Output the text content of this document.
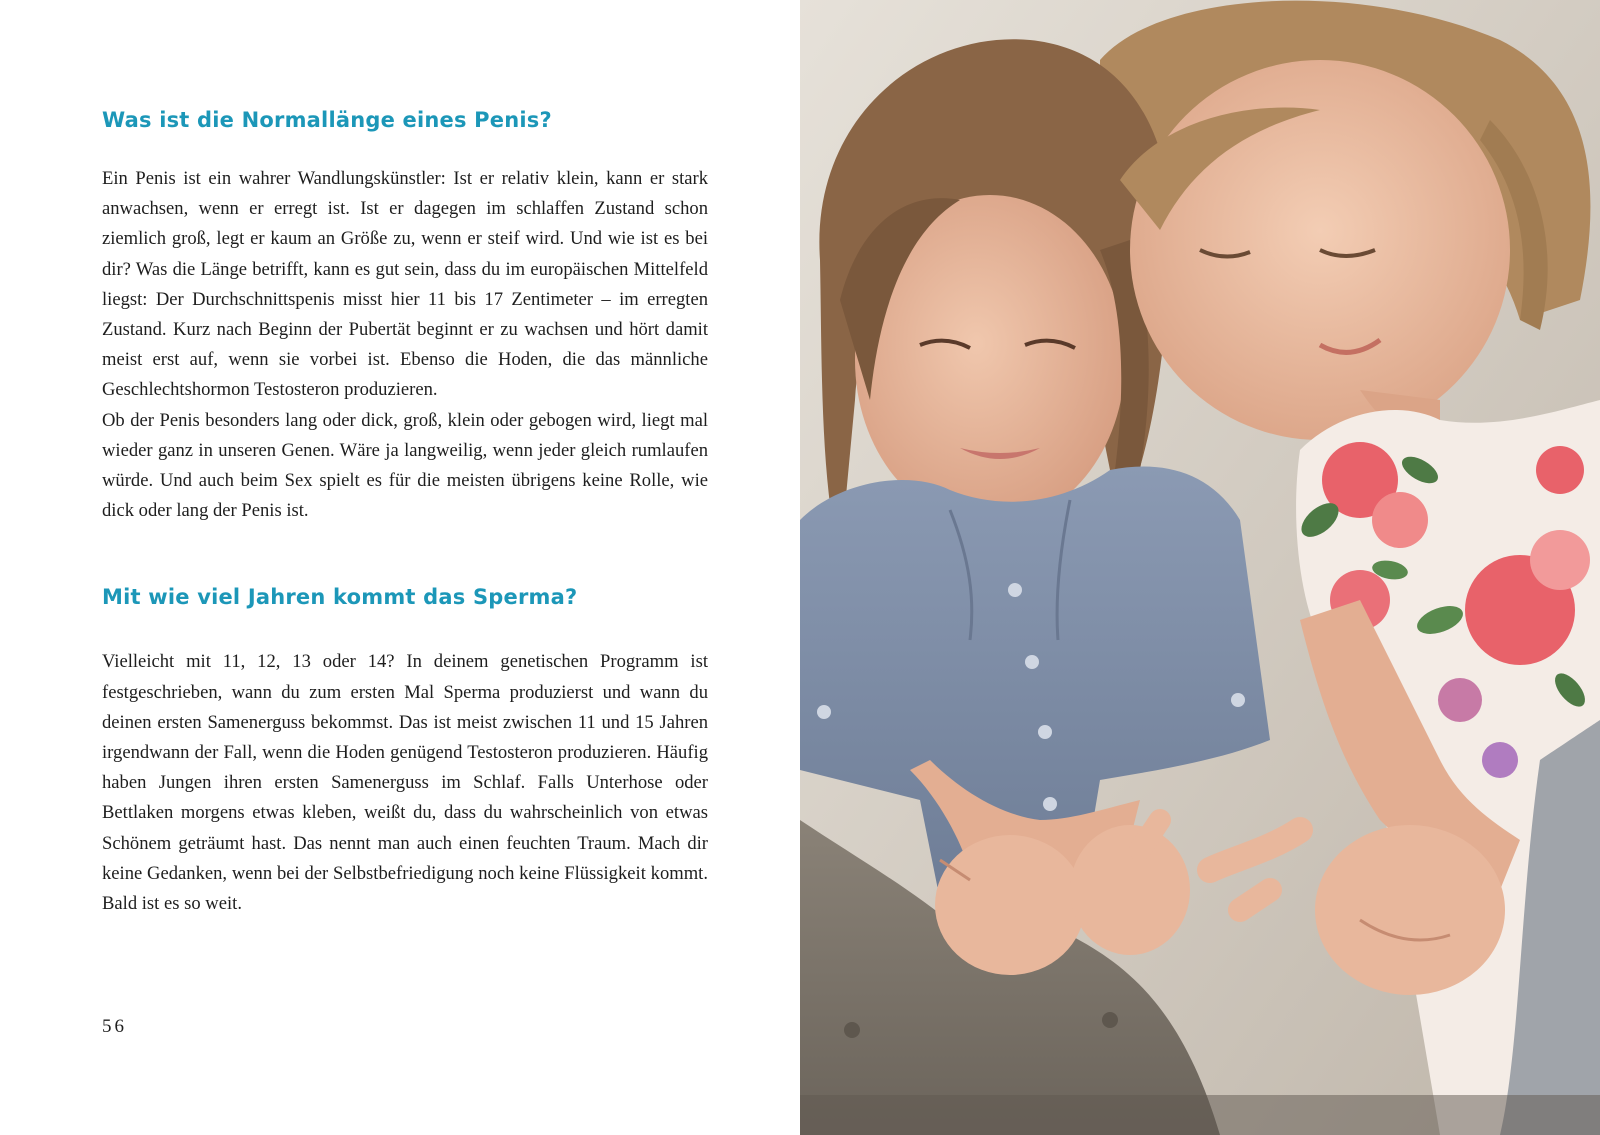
Was ist die Normallänge eines Penis?

Ein Penis ist ein wahrer Wandlungskünstler: Ist er relativ klein, kann er stark anwachsen, wenn er erregt ist. Ist er dagegen im schlaffen Zustand schon ziemlich groß, legt er kaum an Größe zu, wenn er steif wird. Und wie ist es bei dir? Was die Länge betrifft, kann es gut sein, dass du im europäischen Mittelfeld liegst: Der Durchschnittspenis misst hier 11 bis 17 Zentimeter – im erregten Zustand. Kurz nach Beginn der Pubertät beginnt er zu wachsen und hört damit meist erst auf, wenn sie vorbei ist. Ebenso die Hoden, die das männliche Geschlechtshormon Testosteron produzieren.

Ob der Penis besonders lang oder dick, groß, klein oder gebogen wird, liegt mal wieder ganz in unseren Genen. Wäre ja langweilig, wenn jeder gleich rumlaufen würde. Und auch beim Sex spielt es für die meisten übrigens keine Rolle, wie dick oder lang der Penis ist.

Mit wie viel Jahren kommt das Sperma?

Vielleicht mit 11, 12, 13 oder 14? In deinem genetischen Programm ist festgeschrieben, wann du zum ersten Mal Sperma produzierst und wann du deinen ersten Samenerguss bekommst. Das ist meist zwischen 11 und 15 Jahren irgendwann der Fall, wenn die Hoden genügend Testosteron produzieren. Häufig haben Jungen ihren ersten Samenerguss im Schlaf. Falls Unterhose oder Bettlaken morgens etwas kleben, weißt du, dass du wahrscheinlich von etwas Schönem geträumt hast. Das nennt man auch einen feuchten Traum. Mach dir keine Gedanken, wenn bei der Selbstbefriedigung noch keine Flüssigkeit kommt. Bald ist es so weit.

56
